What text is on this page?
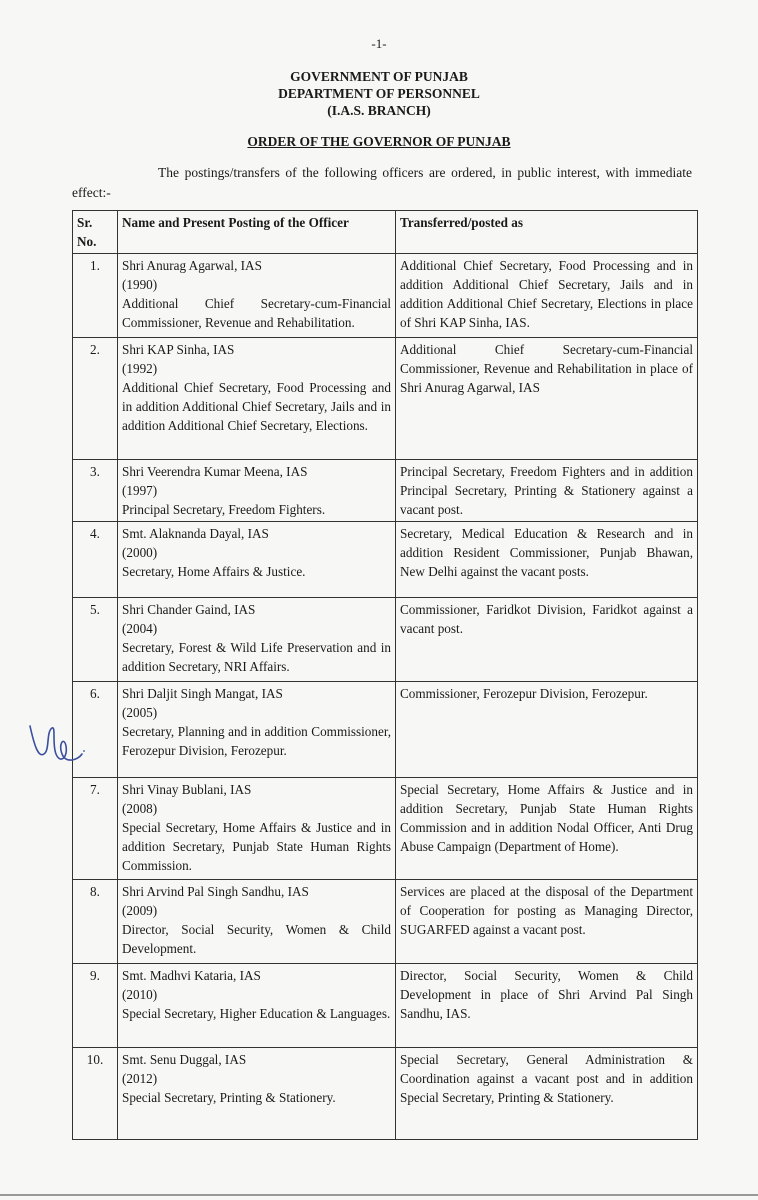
-1-
GOVERNMENT OF PUNJAB
DEPARTMENT OF PERSONNEL
(I.A.S. BRANCH)
ORDER OF THE GOVERNOR OF PUNJAB
The postings/transfers of the following officers are ordered, in public interest, with immediate effect:-
Sr.
No.	Name and Present Posting of the Officer	Transferred/posted as
1.	Shri Anurag Agarwal, IAS
(1990)
Additional Chief Secretary-cum-Financial Commissioner, Revenue and Rehabilitation.	Additional Chief Secretary, Food Processing and in addition Additional Chief Secretary, Jails and in addition Additional Chief Secretary, Elections in place of Shri KAP Sinha, IAS.
2.	Shri KAP Sinha, IAS
(1992)
Additional Chief Secretary, Food Processing and in addition Additional Chief Secretary, Jails and in addition Additional Chief Secretary, Elections.	Additional Chief Secretary-cum-Financial Commissioner, Revenue and Rehabilitation in place of Shri Anurag Agarwal, IAS
3.	Shri Veerendra Kumar Meena, IAS
(1997)
Principal Secretary, Freedom Fighters.	Principal Secretary, Freedom Fighters and in addition Principal Secretary, Printing & Stationery against a vacant post.
4.	Smt. Alaknanda Dayal, IAS
(2000)
Secretary, Home Affairs & Justice.	Secretary, Medical Education & Research and in addition Resident Commissioner, Punjab Bhawan, New Delhi against the vacant posts.
5.	Shri Chander Gaind, IAS
(2004)
Secretary, Forest & Wild Life Preservation and in addition Secretary, NRI Affairs.	Commissioner, Faridkot Division, Faridkot against a vacant post.
6.	Shri Daljit Singh Mangat, IAS
(2005)
Secretary, Planning and in addition Commissioner, Ferozepur Division, Ferozepur.	Commissioner, Ferozepur Division, Ferozepur.
7.	Shri Vinay Bublani, IAS
(2008)
Special Secretary, Home Affairs & Justice and in addition Secretary, Punjab State Human Rights Commission.	Special Secretary, Home Affairs & Justice and in addition Secretary, Punjab State Human Rights Commission and in addition Nodal Officer, Anti Drug Abuse Campaign (Department of Home).
8.	Shri Arvind Pal Singh Sandhu, IAS
(2009)
Director, Social Security, Women & Child Development.	Services are placed at the disposal of the Department of Cooperation for posting as Managing Director, SUGARFED against a vacant post.
9.	Smt. Madhvi Kataria, IAS
(2010)
Special Secretary, Higher Education & Languages.	Director, Social Security, Women & Child Development in place of Shri Arvind Pal Singh Sandhu, IAS.
10.	Smt. Senu Duggal, IAS
(2012)
Special Secretary, Printing & Stationery.	Special Secretary, General Administration & Coordination against a vacant post and in addition Special Secretary, Printing & Stationery.
